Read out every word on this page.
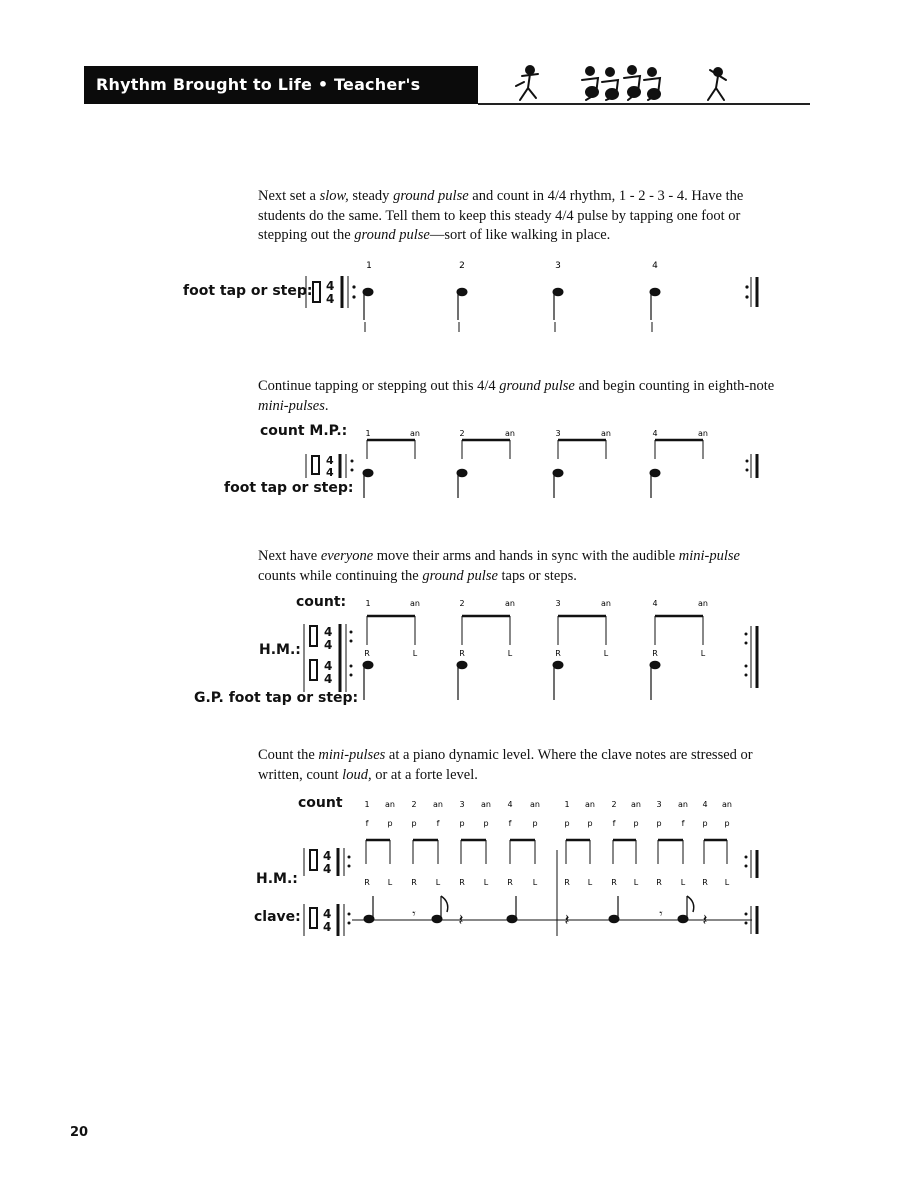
Rhythm Brought to Life • Teacher's Manual
Next set a slow, steady ground pulse and count in 4/4 rhythm, 1 - 2 - 3 - 4. Have the students do the same. Tell them to keep this steady 4/4 pulse by tapping one foot or stepping out the ground pulse—sort of like walking in place.
foot tap or step:
1	2	3	4
4
4
Continue tapping or stepping out this 4/4 ground pulse and begin counting in eighth-note mini-pulses.
count M.P.:
foot tap or step:
1	an	2	an	3	an	4	an
4
4
Next have everyone move their arms and hands in sync with the audible mini-pulse counts while continuing the ground pulse taps or steps.
count:
H.M.:
G.P. foot tap or step:
1	an	2	an	3	an	4	an
R	L	R	L	R	L	R	L
4
4
4
4
Count the mini-pulses at a piano dynamic level. Where the clave notes are stressed or written, count loud, or at a forte level.
count
H.M.:
clave:
1 an 2 an 3 an 4 an	1 an 2 an 3 an 4 an
f p p	f	p p	f	p	p p	f p p	f p p
R L R L R L R L	R L R L R L R L
4
4
4
4
𝄾	𝄽	𝄽	𝄾 𝄽
20
